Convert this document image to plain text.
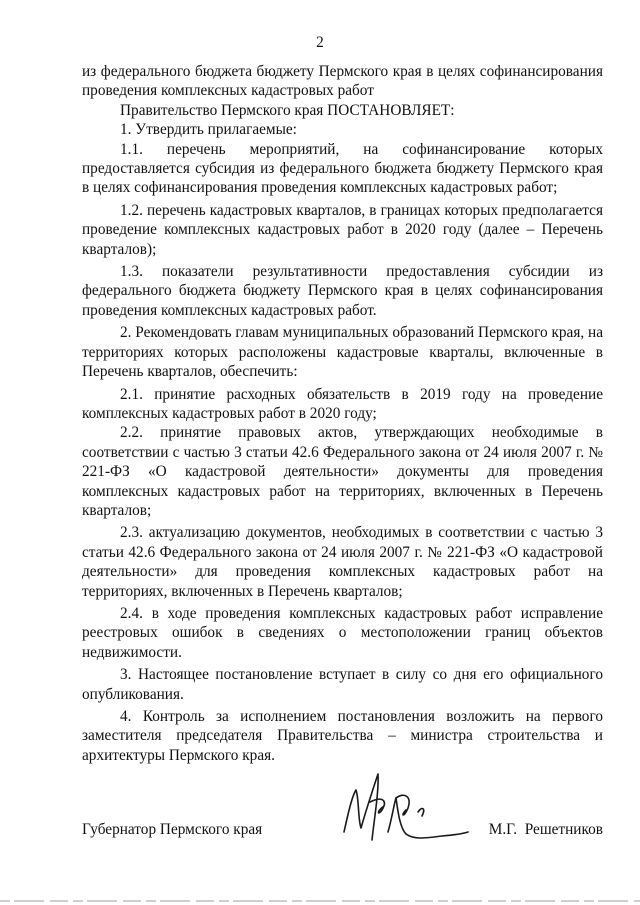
2

из федерального бюджета бюджету Пермского края в целях софинансирования проведения комплексных кадастровых работ

Правительство Пермского края ПОСТАНОВЛЯЕТ:

1. Утвердить прилагаемые:

1.1. перечень мероприятий, на софинансирование которых предоставляется субсидия из федерального бюджета бюджету Пермского края в целях софинансирования проведения комплексных кадастровых работ;

1.2. перечень кадастровых кварталов, в границах которых предполагается проведение комплексных кадастровых работ в 2020 году (далее – Перечень кварталов);

1.3. показатели результативности предоставления субсидии из федерального бюджета бюджету Пермского края в целях софинансирования проведения комплексных кадастровых работ.

2. Рекомендовать главам муниципальных образований Пермского края, на территориях которых расположены кадастровые кварталы, включенные в Перечень кварталов, обеспечить:

2.1. принятие расходных обязательств в 2019 году на проведение комплексных кадастровых работ в 2020 году;

2.2. принятие правовых актов, утверждающих необходимые в соответствии с частью 3 статьи 42.6 Федерального закона от 24 июля 2007 г. № 221-ФЗ «О кадастровой деятельности» документы для проведения комплексных кадастровых работ на территориях, включенных в Перечень кварталов;

2.3. актуализацию документов, необходимых в соответствии с частью 3 статьи 42.6 Федерального закона от 24 июля 2007 г. № 221-ФЗ «О кадастровой деятельности» для проведения комплексных кадастровых работ на территориях, включенных в Перечень кварталов;

2.4. в ходе проведения комплексных кадастровых работ исправление реестровых ошибок в сведениях о местоположении границ объектов недвижимости.

3. Настоящее постановление вступает в силу со дня его официального опубликования.

4. Контроль за исполнением постановления возложить на первого заместителя председателя Правительства – министра строительства и архитектуры Пермского края.

Губернатор Пермского края	М.Г.  Решетников
